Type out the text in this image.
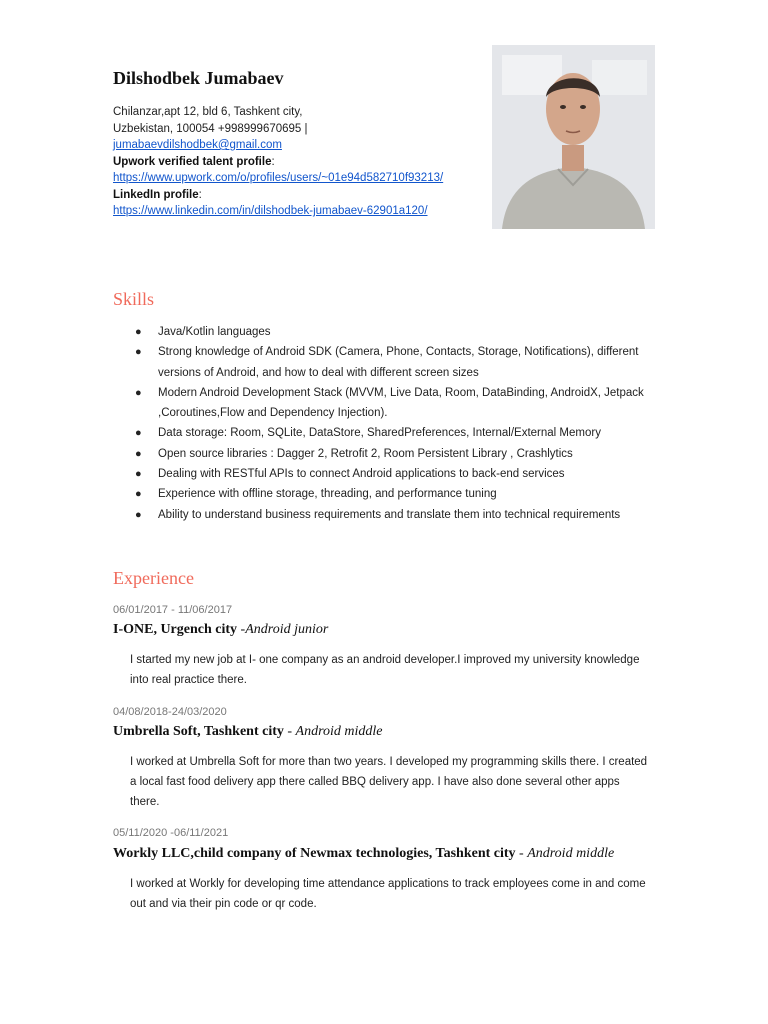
Dilshodbek Jumabaev
Chilanzar,apt 12, bld 6, Tashkent city,
Uzbekistan, 100054 +998999670695 |
jumabaevdilshodbek@gmail.com
Upwork verified talent profile:
https://www.upwork.com/o/profiles/users/~01e94d582710f93213/
LinkedIn profile:
https://www.linkedin.com/in/dilshodbek-jumabaev-62901a120/
Skills
● Java/Kotlin languages
● Strong knowledge of Android SDK (Camera, Phone, Contacts, Storage, Notifications), different versions of Android, and how to deal with different screen sizes
● Modern Android Development Stack (MVVM, Live Data, Room, DataBinding, AndroidX, Jetpack ,Coroutines,Flow and Dependency Injection).
● Data storage: Room, SQLite, DataStore, SharedPreferences, Internal/External Memory
● Open source libraries : Dagger 2, Retrofit 2, Room Persistent Library , Crashlytics
● Dealing with RESTful APIs to connect Android applications to back-end services
● Experience with offline storage, threading, and performance tuning
● Ability to understand business requirements and translate them into technical requirements
Experience
06/01/2017 - 11/06/2017
I-ONE, Urgench city -Android junior
I started my new job at I- one company as an android developer.I improved my university knowledge into real practice there.
04/08/2018-24/03/2020
Umbrella Soft, Tashkent city - Android middle
I worked at Umbrella Soft for more than two years. I developed my programming skills there. I created a local fast food delivery app there called BBQ delivery app. I have also done several other apps there.
05/11/2020 -06/11/2021
Workly LLC,child company of Newmax technologies, Tashkent city - Android middle
I worked at Workly for developing time attendance applications to track employees come in and come out and via their pin code or qr code.
